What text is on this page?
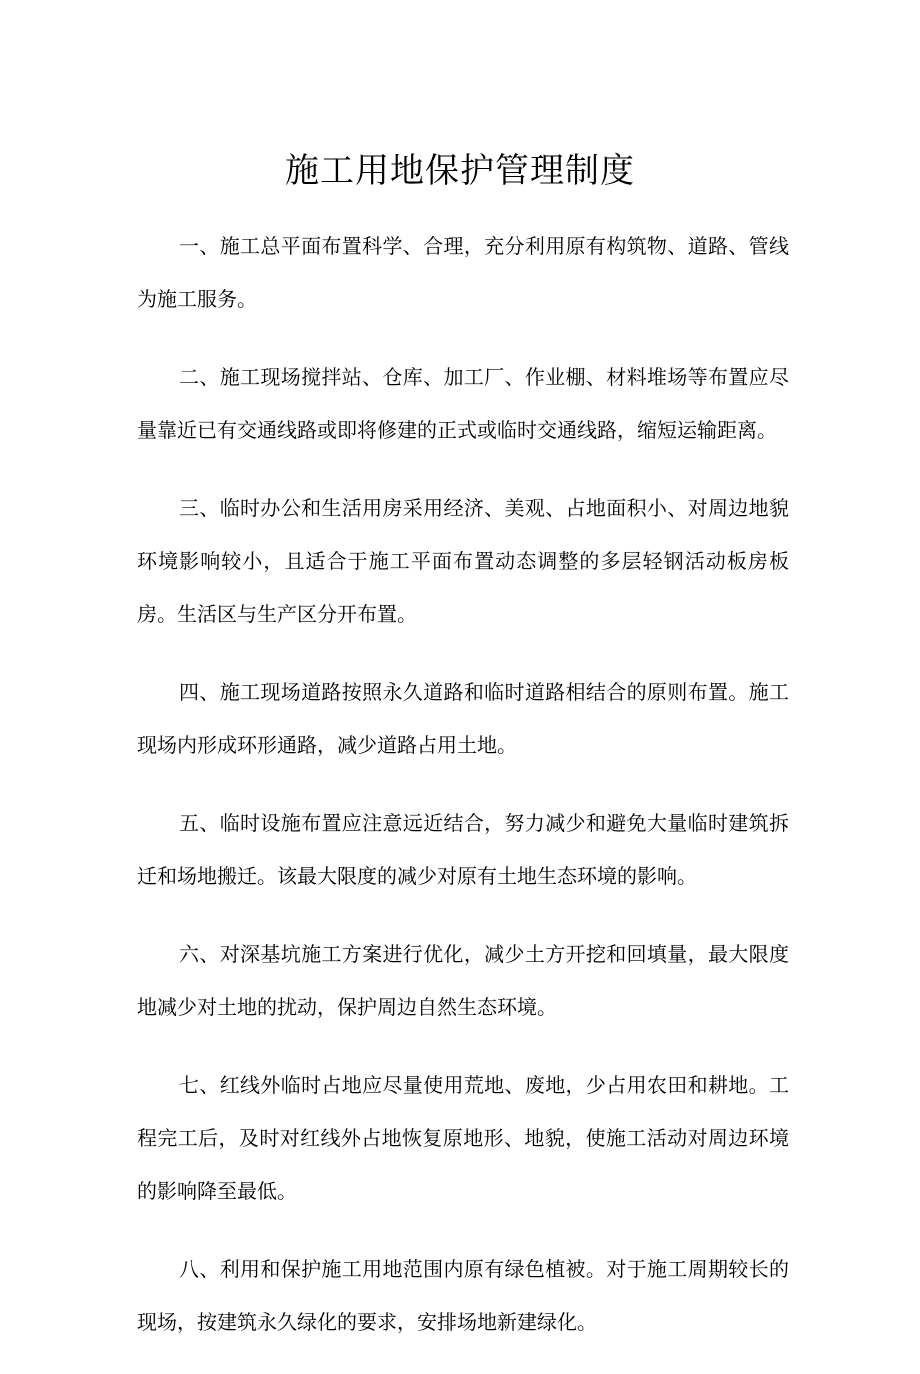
施工用地保护管理制度

一、施工总平面布置科学、合理，充分利用原有构筑物、道路、管线为施工服务。

二、施工现场搅拌站、仓库、加工厂、作业棚、材料堆场等布置应尽量靠近已有交通线路或即将修建的正式或临时交通线路，缩短运输距离。

三、临时办公和生活用房采用经济、美观、占地面积小、对周边地貌环境影响较小，且适合于施工平面布置动态调整的多层轻钢活动板房板房。生活区与生产区分开布置。

四、施工现场道路按照永久道路和临时道路相结合的原则布置。施工现场内形成环形通路，减少道路占用土地。

五、临时设施布置应注意远近结合，努力减少和避免大量临时建筑拆迁和场地搬迁。该最大限度的减少对原有土地生态环境的影响。

六、对深基坑施工方案进行优化，减少土方开挖和回填量，最大限度地减少对土地的扰动，保护周边自然生态环境。

七、红线外临时占地应尽量使用荒地、废地，少占用农田和耕地。工程完工后，及时对红线外占地恢复原地形、地貌，使施工活动对周边环境的影响降至最低。

八、利用和保护施工用地范围内原有绿色植被。对于施工周期较长的现场，按建筑永久绿化的要求，安排场地新建绿化。
